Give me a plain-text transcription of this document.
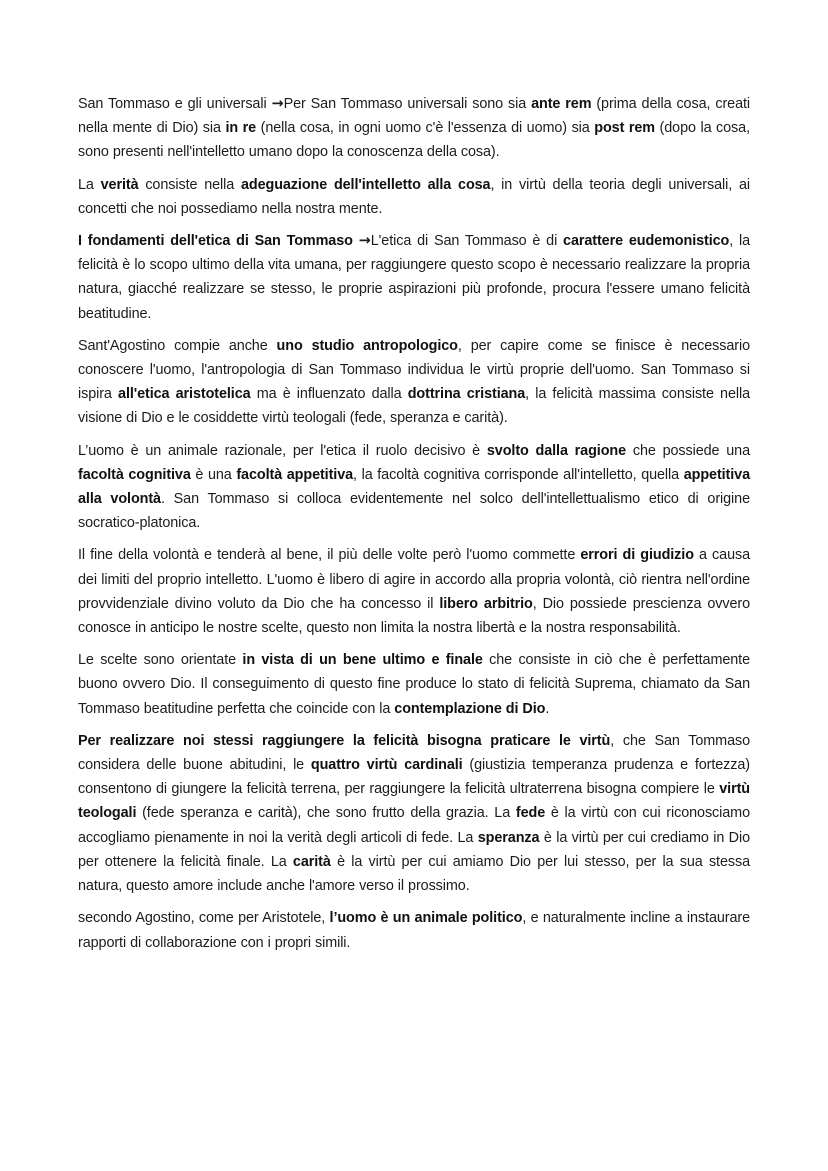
San Tommaso e gli universali →Per San Tommaso universali sono sia ante rem (prima della cosa, creati nella mente di Dio) sia in re (nella cosa, in ogni uomo c'è l'essenza di uomo) sia post rem (dopo la cosa, sono presenti nell'intelletto umano dopo la conoscenza della cosa).

La verità consiste nella adeguazione dell'intelletto alla cosa, in virtù della teoria degli universali, ai concetti che noi possediamo nella nostra mente.

I fondamenti dell'etica di San Tommaso →L'etica di San Tommaso è di carattere eudemonistico, la felicità è lo scopo ultimo della vita umana, per raggiungere questo scopo è necessario realizzare la propria natura, giacché realizzare se stesso, le proprie aspirazioni più profonde, procura l'essere umano felicità beatitudine.

Sant'Agostino compie anche uno studio antropologico, per capire come se finisce è necessario conoscere l'uomo, l'antropologia di San Tommaso individua le virtù proprie dell'uomo. San Tommaso si ispira all'etica aristotelica ma è influenzato dalla dottrina cristiana, la felicità massima consiste nella visione di Dio e le cosiddette virtù teologali (fede, speranza e carità).

L’uomo è un animale razionale, per l'etica il ruolo decisivo è svolto dalla ragione che possiede una facoltà cognitiva è una facoltà appetitiva, la facoltà cognitiva corrisponde all'intelletto, quella appetitiva alla volontà. San Tommaso si colloca evidentemente nel solco dell'intellettualismo etico di origine socratico-platonica.

Il fine della volontà e tenderà al bene, il più delle volte però l'uomo commette errori di giudizio a causa dei limiti del proprio intelletto. L'uomo è libero di agire in accordo alla propria volontà, ciò rientra nell'ordine provvidenziale divino voluto da Dio che ha concesso il libero arbitrio, Dio possiede prescienza ovvero conosce in anticipo le nostre scelte, questo non limita la nostra libertà e la nostra responsabilità.

Le scelte sono orientate in vista di un bene ultimo e finale che consiste in ciò che è perfettamente buono ovvero Dio. Il conseguimento di questo fine produce lo stato di felicità Suprema, chiamato da San Tommaso beatitudine perfetta che coincide con la contemplazione di Dio.

Per realizzare noi stessi raggiungere la felicità bisogna praticare le virtù, che San Tommaso considera delle buone abitudini, le quattro virtù cardinali (giustizia temperanza prudenza e fortezza) consentono di giungere la felicità terrena, per raggiungere la felicità ultraterrena bisogna compiere le virtù teologali (fede speranza e carità), che sono frutto della grazia. La fede è la virtù con cui riconosciamo accogliamo pienamente in noi la verità degli articoli di fede. La speranza è la virtù per cui crediamo in Dio per ottenere la felicità finale. La carità è la virtù per cui amiamo Dio per lui stesso, per la sua stessa natura, questo amore include anche l'amore verso il prossimo.

secondo Agostino, come per Aristotele, l’uomo è un animale politico, e naturalmente incline a instaurare rapporti di collaborazione con i propri simili.
